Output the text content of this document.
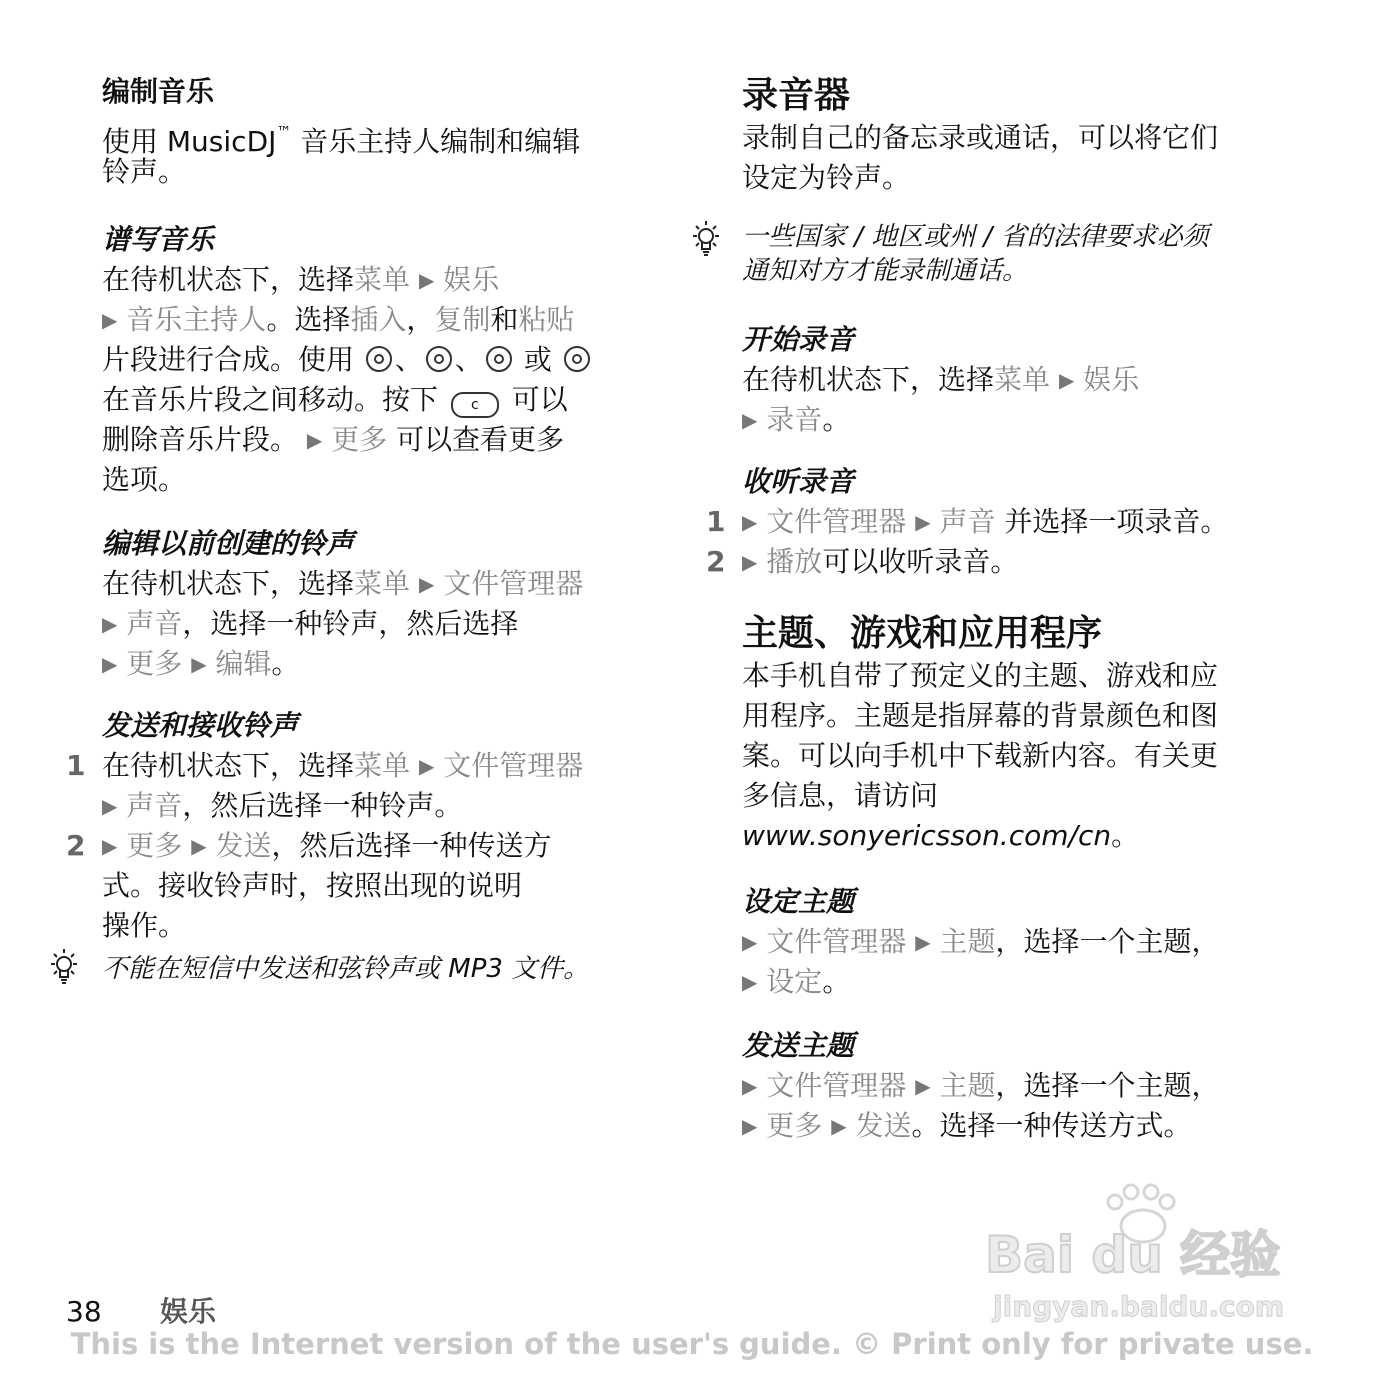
编制音乐
使用 MusicDJ™ 音乐主持人编制和编辑
铃声。
谱写音乐
在待机状态下，选择菜单 ▶ 娱乐
▶ 音乐主持人。选择插入，复制和粘贴
片段进行合成。使用 、 、 或
在音乐片段之间移动。按下 c 可以
删除音乐片段。 ▶ 更多 可以查看更多
选项。
编辑以前创建的铃声
在待机状态下，选择菜单 ▶ 文件管理器
▶ 声音，选择一种铃声，然后选择
▶ 更多 ▶ 编辑。
发送和接收铃声
1 在待机状态下，选择菜单 ▶ 文件管理器
▶ 声音，然后选择一种铃声。
2 ▶ 更多 ▶ 发送，然后选择一种传送方
式。接收铃声时，按照出现的说明
操作。
不能在短信中发送和弦铃声或 MP3 文件。
录音器
录制自己的备忘录或通话，可以将它们
设定为铃声。
一些国家 / 地区或州 / 省的法律要求必须
通知对方才能录制通话。
开始录音
在待机状态下，选择菜单 ▶ 娱乐
▶ 录音。
收听录音
1 ▶ 文件管理器 ▶ 声音 并选择一项录音。
2 ▶ 播放可以收听录音。
主题、游戏和应用程序
本手机自带了预定义的主题、游戏和应
用程序。主题是指屏幕的背景颜色和图
案。可以向手机中下载新内容。有关更
多信息，请访问
www.sonyericsson.com/cn。
设定主题
▶ 文件管理器 ▶ 主题，选择一个主题，
▶ 设定。
发送主题
▶ 文件管理器 ▶ 主题，选择一个主题，
▶ 更多 ▶ 发送。选择一种传送方式。
Bai du 经验
jingyan.baidu.com
38 娱乐
This is the Internet version of the user's guide. © Print only for private use.
